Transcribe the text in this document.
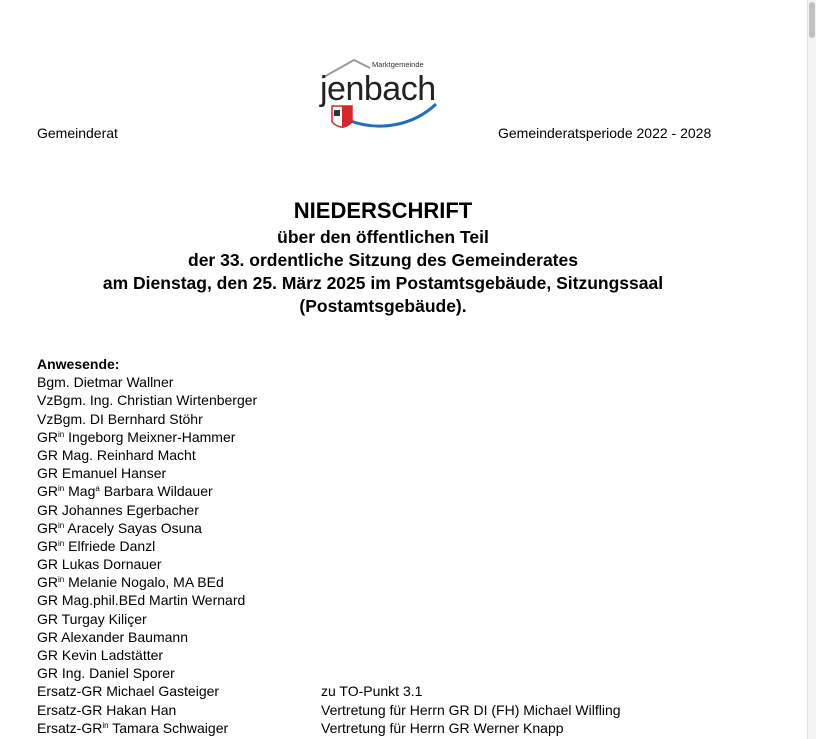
Marktgemeinde
jenbach
Gemeinderat	Gemeinderatsperiode 2022 - 2028
NIEDERSCHRIFT
über den öffentlichen Teil
der 33. ordentliche Sitzung des Gemeinderates
am Dienstag, den 25. März 2025 im Postamtsgebäude, Sitzungssaal
(Postamtsgebäude).
Anwesende:
Bgm. Dietmar Wallner
VzBgm. Ing. Christian Wirtenberger
VzBgm. DI Bernhard Stöhr
$GR^{in}$ Ingeborg Meixner-Hammer
GR Mag. Reinhard Macht
GR Emanuel Hanser
$GR^{in}$ Mag$^a$ Barbara Wildauer
GR Johannes Egerbacher
$GR^{in}$ Aracely Sayas Osuna
$GR^{in}$ Elfriede Danzl
GR Lukas Dornauer
$GR^{in}$ Melanie Nogalo, MA BEd
GR Mag.phil.BEd Martin Wernard
GR Turgay Kiliçer
GR Alexander Baumann
GR Kevin Ladstätter
GR Ing. Daniel Sporer
Ersatz-GR Michael Gasteiger	zu TO-Punkt 3.1
Ersatz-GR Hakan Han	Vertretung für Herrn GR DI (FH) Michael Wilfling
Ersatz-$GR^{in}$ Tamara Schwaiger	Vertretung für Herrn GR Werner Knapp
